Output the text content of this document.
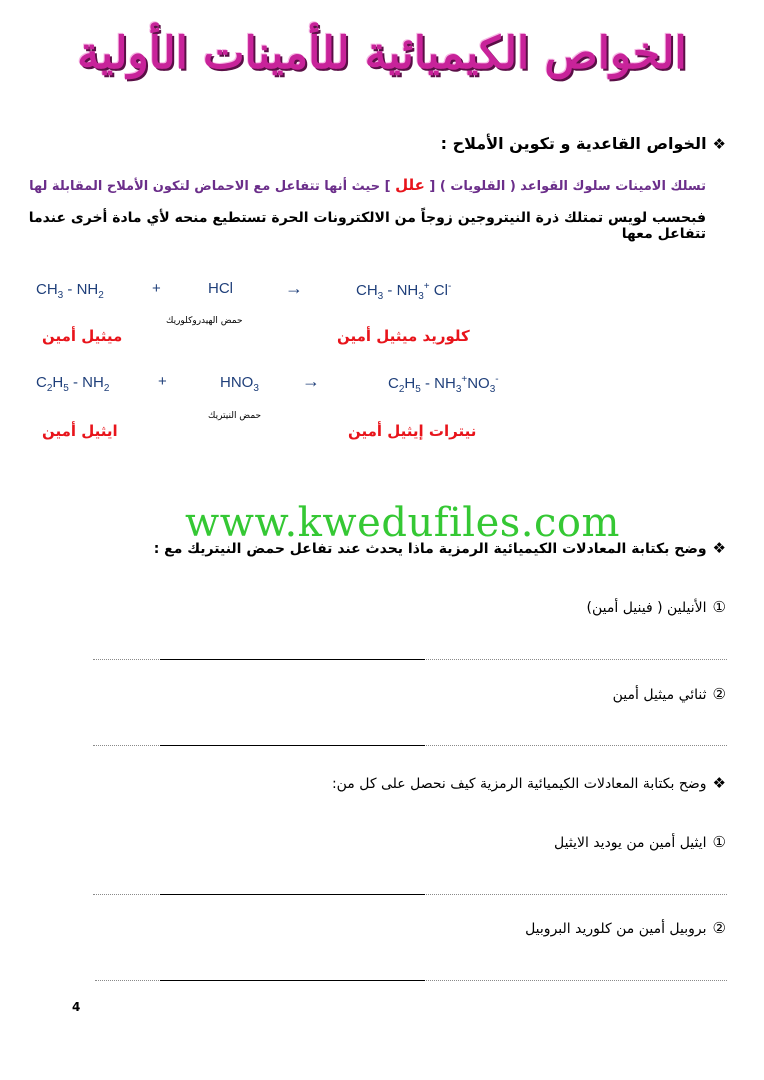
الخواص الكيميائية للأمينات الأولية
❖الخواص القاعدية و تكوين الأملاح :
تسلك الامينات سلوك القواعد ( القلويات ) [ علل ] حيث أنها تتفاعل مع الاحماض لتكون الأملاح المقابلة لها
فبحسب لويس تمتلك ذرة النيتروجين زوجاً من الالكترونات الحرة تستطيع منحه لأي مادة أخرى عندما تتفاعل معها
$CH_3 - NH_2$	+	HCl	→	$CH_3 - NH_3^+$ Cl-
حمض الهيدروكلوريك
ميثيل أمين	كلوريد ميثيل أمين
$C_2H_5 - NH_2$	+	$HNO_3$ →	$C_2H_5 - NH_3^+NO_3^-$
حمض النيتريك
ايثيل أمين	نيترات إيثيل أمين
❖وضح بكتابة المعادلات الكيميائية الرمزية ماذا يحدث عند تفاعل حمض النيتريك مع :
www.kwedufiles.com
①الأنيلين ( فينيل أمين)
②ثنائي ميثيل أمين
❖وضح بكتابة المعادلات الكيميائية الرمزية كيف نحصل على كل من:
①ايثيل أمين من يوديد الايثيل
②بروبيل أمين من كلوريد البروبيل
4
